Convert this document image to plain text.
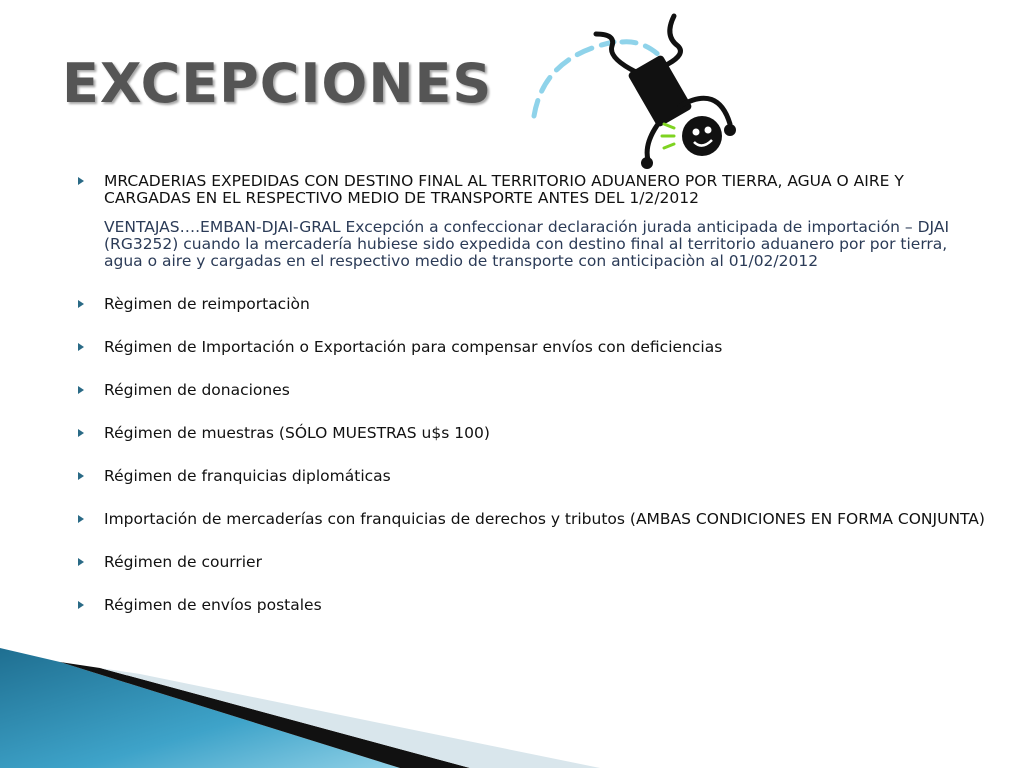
EXCEPCIONES
MRCADERIAS EXPEDIDAS CON DESTINO FINAL AL TERRITORIO ADUANERO POR TIERRA, AGUA O AIRE Y CARGADAS EN EL RESPECTIVO MEDIO DE TRANSPORTE ANTES DEL 1/2/2012
VENTAJAS….EMBAN-DJAI-GRAL Excepción a confeccionar declaración jurada anticipada de importación – DJAI (RG3252) cuando la mercadería hubiese sido expedida con destino final al territorio aduanero por por tierra, agua o aire y cargadas en el respectivo medio de transporte con anticipaciòn al 01/02/2012
Règimen de reimportaciòn
Régimen de Importación o Exportación para compensar envíos con deficiencias
Régimen de donaciones
Régimen de muestras (SÓLO MUESTRAS u$s 100)
Régimen de franquicias diplomáticas
Importación de mercaderías con franquicias de derechos y tributos (AMBAS CONDICIONES EN FORMA CONJUNTA)
Régimen de courrier
Régimen de envíos postales
